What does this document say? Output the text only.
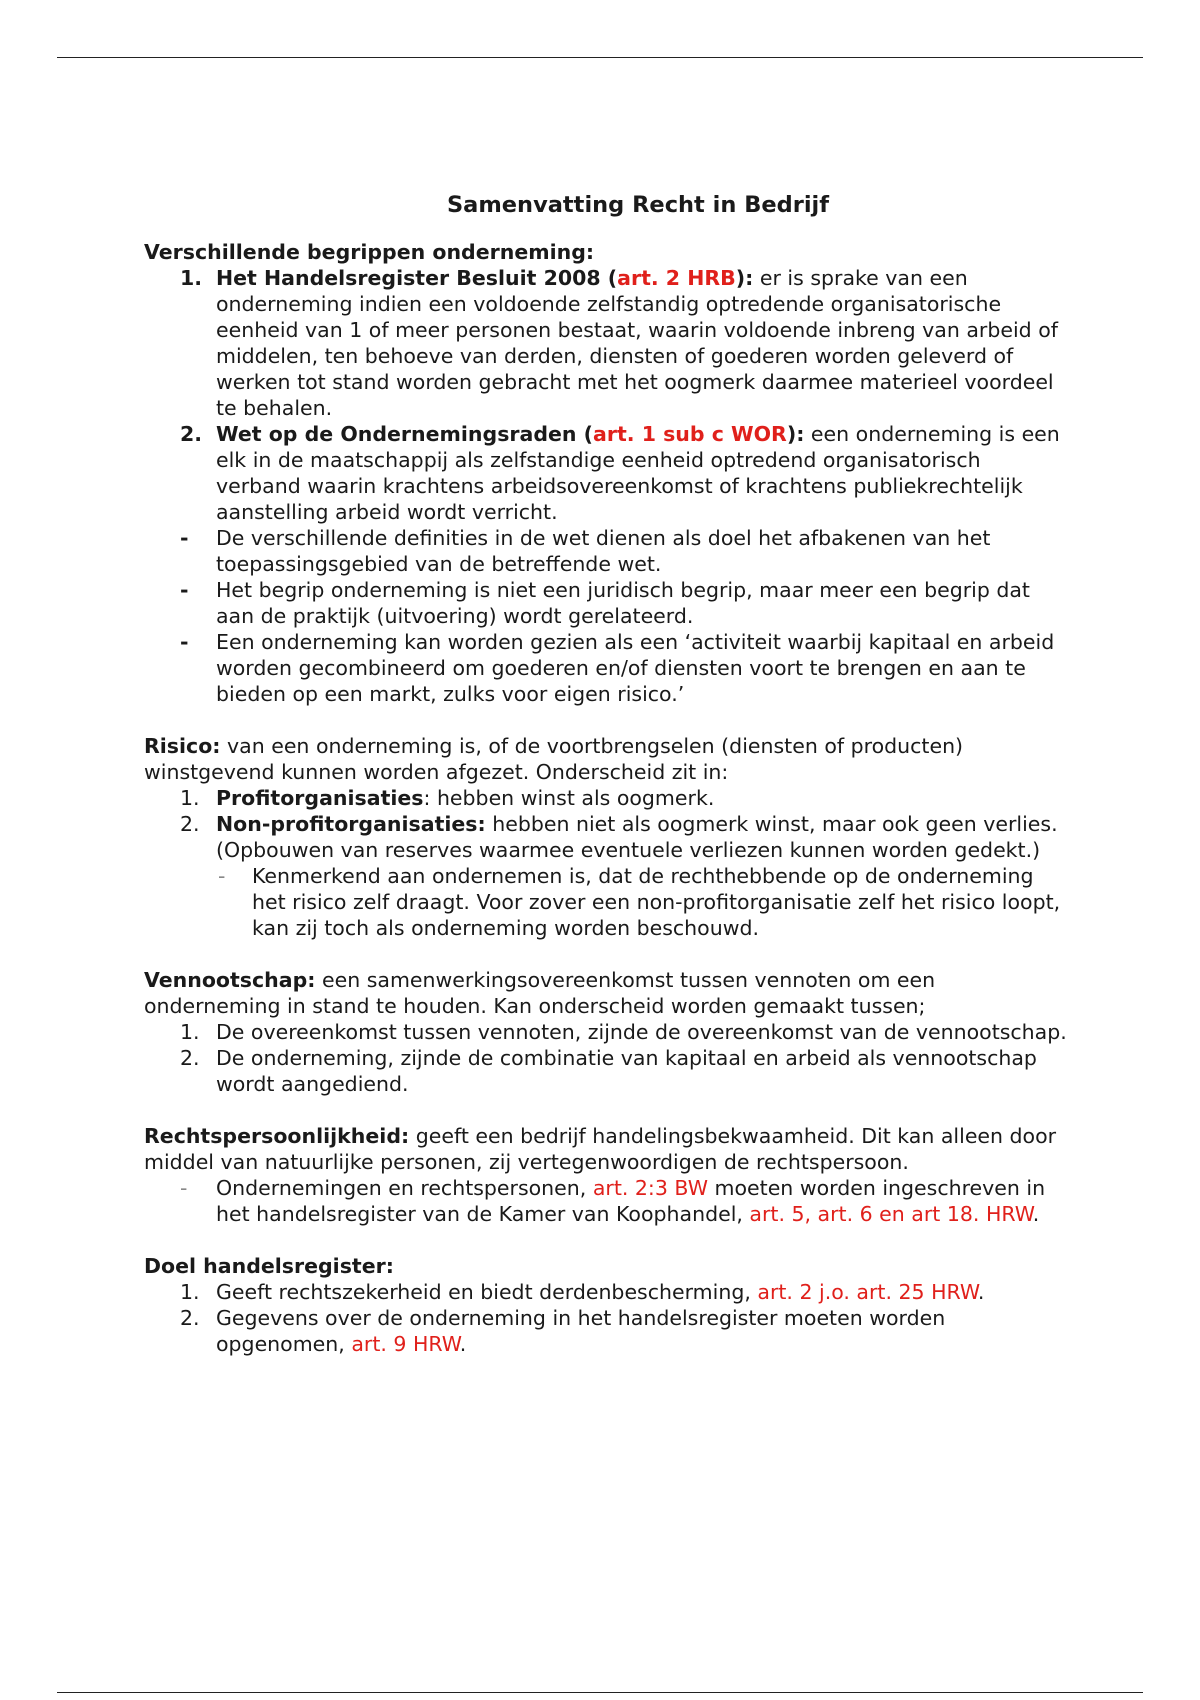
Samenvatting Recht in Bedrijf

Verschillende begrippen onderneming:

1. Het Handelsregister Besluit 2008 (art. 2 HRB): er is sprake van een onderneming indien een voldoende zelfstandig optredende organisatorische eenheid van 1 of meer personen bestaat, waarin voldoende inbreng van arbeid of middelen, ten behoeve van derden, diensten of goederen worden geleverd of werken tot stand worden gebracht met het oogmerk daarmee materieel voordeel te behalen.

2. Wet op de Ondernemingsraden (art. 1 sub c WOR): een onderneming is een elk in de maatschappij als zelfstandige eenheid optredend organisatorisch verband waarin krachtens arbeidsovereenkomst of krachtens publiekrechtelijk aanstelling arbeid wordt verricht.

- De verschillende definities in de wet dienen als doel het afbakenen van het toepassingsgebied van de betreffende wet.

- Het begrip onderneming is niet een juridisch begrip, maar meer een begrip dat aan de praktijk (uitvoering) wordt gerelateerd.

- Een onderneming kan worden gezien als een ‘activiteit waarbij kapitaal en arbeid worden gecombineerd om goederen en/of diensten voort te brengen en aan te bieden op een markt, zulks voor eigen risico.’

Risico: van een onderneming is, of de voortbrengselen (diensten of producten) winstgevend kunnen worden afgezet. Onderscheid zit in:

1. Profitorganisaties: hebben winst als oogmerk.

2. Non-profitorganisaties: hebben niet als oogmerk winst, maar ook geen verlies. (Opbouwen van reserves waarmee eventuele verliezen kunnen worden gedekt.)

- Kenmerkend aan ondernemen is, dat de rechthebbende op de onderneming het risico zelf draagt. Voor zover een non-profitorganisatie zelf het risico loopt, kan zij toch als onderneming worden beschouwd.

Vennootschap: een samenwerkingsovereenkomst tussen vennoten om een onderneming in stand te houden. Kan onderscheid worden gemaakt tussen;

1. De overeenkomst tussen vennoten, zijnde de overeenkomst van de vennootschap.

2. De onderneming, zijnde de combinatie van kapitaal en arbeid als vennootschap wordt aangediend.

Rechtspersoonlijkheid: geeft een bedrijf handelingsbekwaamheid. Dit kan alleen door middel van natuurlijke personen, zij vertegenwoordigen de rechtspersoon.

- Ondernemingen en rechtspersonen, art. 2:3 BW moeten worden ingeschreven in het handelsregister van de Kamer van Koophandel, art. 5, art. 6 en art 18. HRW.

Doel handelsregister:

1. Geeft rechtszekerheid en biedt derdenbescherming, art. 2 j.o. art. 25 HRW.

2. Gegevens over de onderneming in het handelsregister moeten worden opgenomen, art. 9 HRW.
